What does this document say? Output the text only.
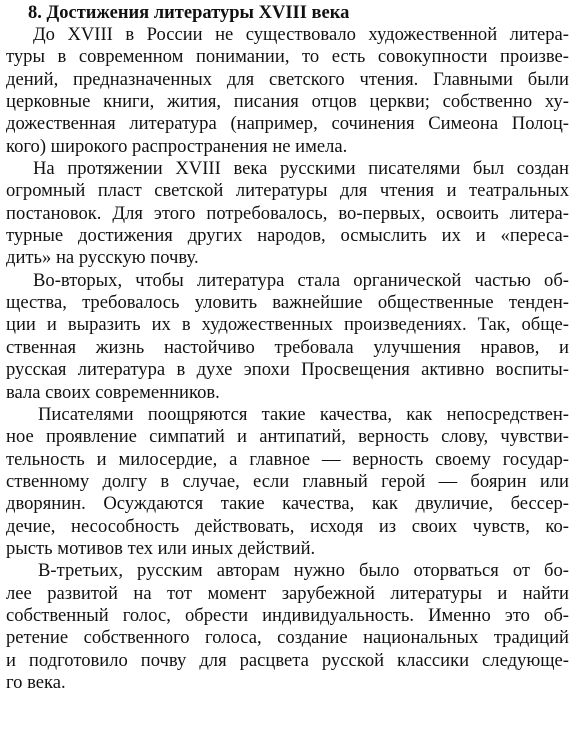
8. Достижения литературы XVIII века
До XVIII в России не существовало художественной литера-
туры в современном понимании, то есть совокупности произве-
дений, предназначенных для светского чтения. Главными были
церковные книги, жития, писания отцов церкви; собственно ху-
дожественная литература (например, сочинения Симеона Полоц-
кого) широкого распространения не имела.
На протяжении XVIII века русскими писателями был создан
огромный пласт светской литературы для чтения и театральных
постановок. Для этого потребовалось, во-первых, освоить литера-
турные достижения других народов, осмыслить их и «переса-
дить» на русскую почву.
Во-вторых, чтобы литература стала органической частью об-
щества, требовалось уловить важнейшие общественные тенден-
ции и выразить их в художественных произведениях. Так, обще-
ственная жизнь настойчиво требовала улучшения нравов, и
русская литература в духе эпохи Просвещения активно воспиты-
вала своих современников.
Писателями поощряются такие качества, как непосредствен-
ное проявление симпатий и антипатий, верность слову, чувстви-
тельность и милосердие, а главное — верность своему государ-
ственному долгу в случае, если главный герой — боярин или
дворянин. Осуждаются такие качества, как двуличие, бессер-
дечие, несособность действовать, исходя из своих чувств, ко-
рысть мотивов тех или иных действий.
В-третьих, русским авторам нужно было оторваться от бо-
лее развитой на тот момент зарубежной литературы и найти
собственный голос, обрести индивидуальность. Именно это об-
ретение собственного голоса, создание национальных традиций
и подготовило почву для расцвета русской классики следующе-
го века.
